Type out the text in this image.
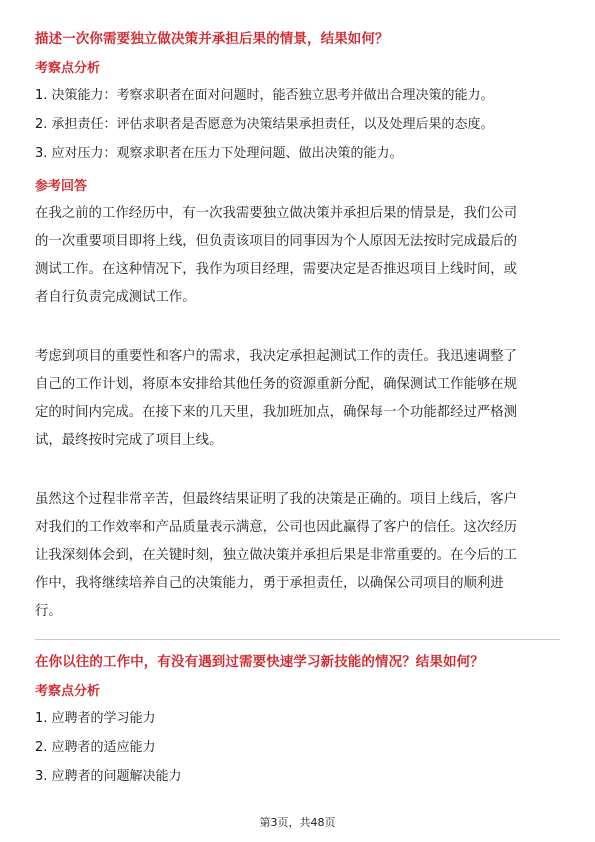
描述一次你需要独立做决策并承担后果的情景，结果如何？

考察点分析

1. 决策能力：考察求职者在面对问题时，能否独立思考并做出合理决策的能力。

2. 承担责任：评估求职者是否愿意为决策结果承担责任，以及处理后果的态度。

3. 应对压力：观察求职者在压力下处理问题、做出决策的能力。

参考回答

在我之前的工作经历中，有一次我需要独立做决策并承担后果的情景是，我们公司

的一次重要项目即将上线，但负责该项目的同事因为个人原因无法按时完成最后的

测试工作。在这种情况下，我作为项目经理，需要决定是否推迟项目上线时间，或

者自行负责完成测试工作。

考虑到项目的重要性和客户的需求，我决定承担起测试工作的责任。我迅速调整了

自己的工作计划，将原本安排给其他任务的资源重新分配，确保测试工作能够在规

定的时间内完成。在接下来的几天里，我加班加点，确保每一个功能都经过严格测

试，最终按时完成了项目上线。

虽然这个过程非常辛苦，但最终结果证明了我的决策是正确的。项目上线后，客户

对我们的工作效率和产品质量表示满意，公司也因此赢得了客户的信任。这次经历

让我深刻体会到，在关键时刻，独立做决策并承担后果是非常重要的。在今后的工

作中，我将继续培养自己的决策能力，勇于承担责任，以确保公司项目的顺利进

行。

在你以往的工作中，有没有遇到过需要快速学习新技能的情况？结果如何？

考察点分析

1. 应聘者的学习能力

2. 应聘者的适应能力

3. 应聘者的问题解决能力

第3页，共48页
